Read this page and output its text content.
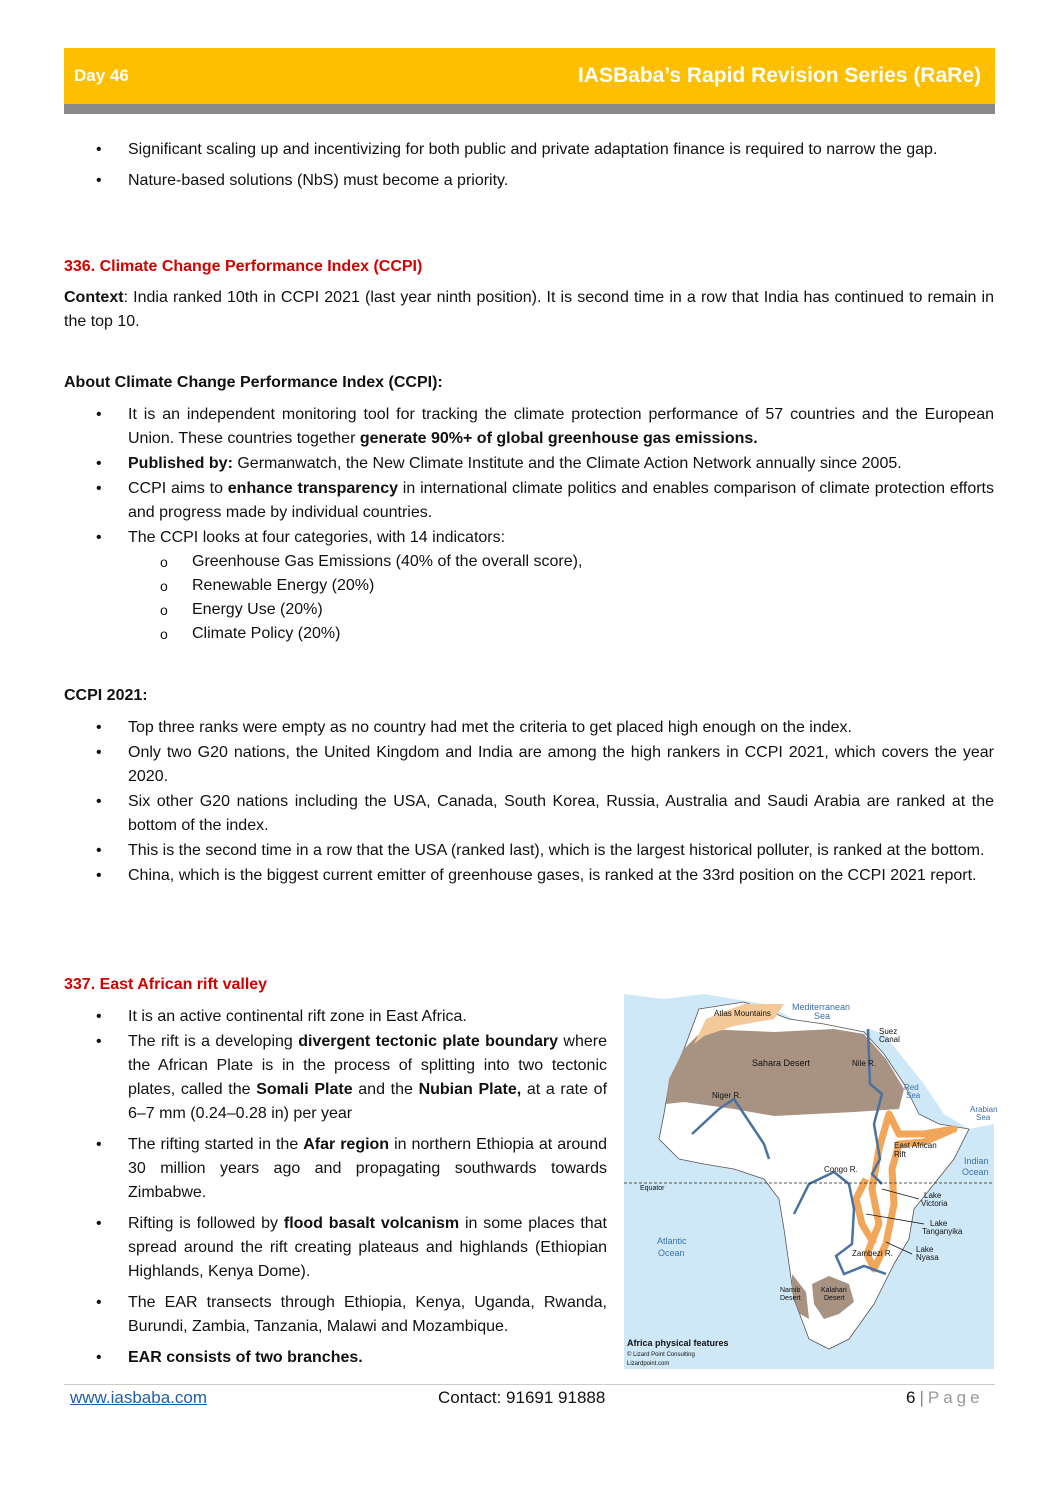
Day 46	IASBaba’s Rapid Revision Series (RaRe)
• Significant scaling up and incentivizing for both public and private adaptation finance is required to narrow the gap.
• Nature-based solutions (NbS) must become a priority.
336. Climate Change Performance Index (CCPI)

Context: India ranked 10th in CCPI 2021 (last year ninth position). It is second time in a row that India has continued to remain in the top 10.

About Climate Change Performance Index (CCPI):
• It is an independent monitoring tool for tracking the climate protection performance of 57 countries and the European Union. These countries together generate 90%+ of global greenhouse gas emissions.
• Published by: Germanwatch, the New Climate Institute and the Climate Action Network annually since 2005.
• CCPI aims to enhance transparency in international climate politics and enables comparison of climate protection efforts and progress made by individual countries.
• The CCPI looks at four categories, with 14 indicators:
o Greenhouse Gas Emissions (40% of the overall score),
o Renewable Energy (20%)
o Energy Use (20%)
o Climate Policy (20%)
CCPI 2021:
• Top three ranks were empty as no country had met the criteria to get placed high enough on the index.
• Only two G20 nations, the United Kingdom and India are among the high rankers in CCPI 2021, which covers the year 2020.
• Six other G20 nations including the USA, Canada, South Korea, Russia, Australia and Saudi Arabia are ranked at the bottom of the index.
• This is the second time in a row that the USA (ranked last), which is the largest historical polluter, is ranked at the bottom.
• China, which is the biggest current emitter of greenhouse gases, is ranked at the 33rd position on the CCPI 2021 report.
337. East African rift valley
• It is an active continental rift zone in East Africa.
• The rift is a developing divergent tectonic plate boundary where the African Plate is in the process of splitting into two tectonic plates, called the Somali Plate and the Nubian Plate, at a rate of 6–7 mm (0.24–0.28 in) per year
• The rifting started in the Afar region in northern Ethiopia at around 30 million years ago and propagating southwards towards Zimbabwe.
• Rifting is followed by flood basalt volcanism in some places that spread around the rift creating plateaus and highlands (Ethiopian Highlands, Kenya Dome).
• The EAR transects through Ethiopia, Kenya, Uganda, Rwanda, Burundi, Zambia, Tanzania, Malawi and Mozambique.
• EAR consists of two branches.
Atlas Mountains
Mediterranean
Sea
Suez
Canal
Sahara Desert	Nile R.
Niger R.
Red
Sea
Arabian
Sea
East African
Rift
Indian
Ocean
Congo R.
Equator
Lake
Victoria
Lake
Tanganyika
Atlantic
Ocean	Zambezi R.	Lake
Nyasa
Namib
Desert
Kalahari
Desert
Africa physical features
© Lizard Point Consulting
Lizardpoint.com
www.iasbaba.com	Contact: 91691 91888	6 | Page
